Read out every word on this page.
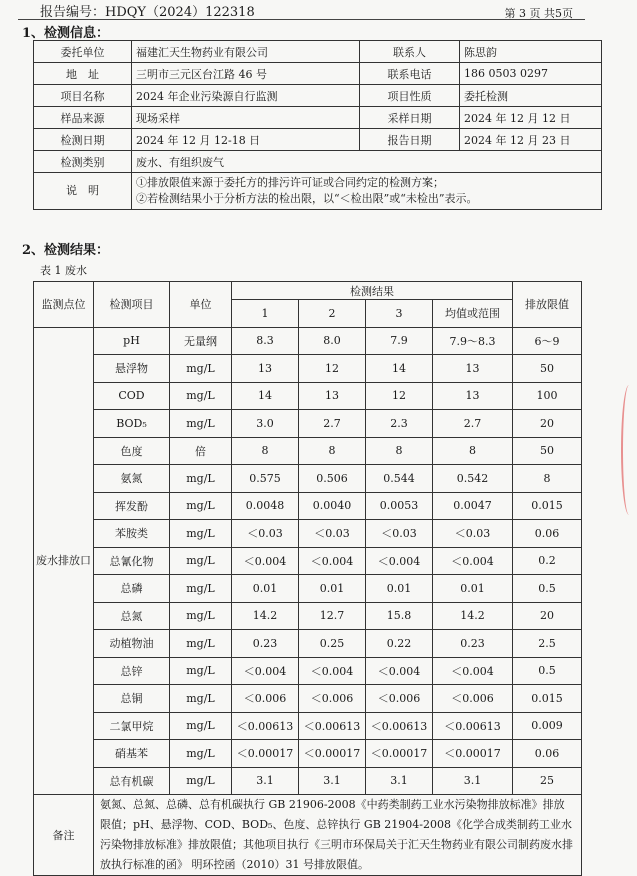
报告编号：HDQY（2024）122318	第 3 页 共5页
1、检测信息：
委托单位	福建汇天生物药业有限公司	联系人	陈思韵
地　址	三明市三元区台江路 46 号	联系电话	186 0503 0297
项目名称	2024 年企业污染源自行监测	项目性质	委托检测
样品来源	现场采样	采样日期	2024 年 12 月 12 日
检测日期	2024 年 12 月 12-18 日	报告日期	2024 年 12 月 23 日
检测类别	废水、有组织废气		
说　明	①排放限值来源于委托方的排污许可证或合同约定的检测方案；
②若检测结果小于分析方法的检出限，以“＜检出限”或“未检出”表示。		
2、检测结果：
表 1 废水
监测点位	检测项目	单位	检测结果				排放限值
			1	2	3	均值或范围	
废水排放口	pH	无量纲	8.3	8.0	7.9	7.9～8.3	6～9
	悬浮物	mg/L	13	12	14	13	50
	COD	mg/L	14	13	12	13	100
	BOD₅	mg/L	3.0	2.7	2.3	2.7	20
	色度	倍	8	8	8	8	50
	氨氮	mg/L	0.575	0.506	0.544	0.542	8
	挥发酚	mg/L	0.0048	0.0040	0.0053	0.0047	0.015
	苯胺类	mg/L	＜0.03	＜0.03	＜0.03	＜0.03	0.06
	总氰化物	mg/L	＜0.004	＜0.004	＜0.004	＜0.004	0.2
	总磷	mg/L	0.01	0.01	0.01	0.01	0.5
	总氮	mg/L	14.2	12.7	15.8	14.2	20
	动植物油	mg/L	0.23	0.25	0.22	0.23	2.5
	总锌	mg/L	＜0.004	＜0.004	＜0.004	＜0.004	0.5
	总铜	mg/L	＜0.006	＜0.006	＜0.006	＜0.006	0.015
	二氯甲烷	mg/L	＜0.00613	＜0.00613	＜0.00613	＜0.00613	0.009
	硝基苯	mg/L	＜0.00017	＜0.00017	＜0.00017	＜0.00017	0.06
	总有机碳	mg/L	3.1	3.1	3.1	3.1	25
备注	氨氮、总氮、总磷、总有机碳执行 GB 21906-2008《中药类制药工业水污染物排放标准》排放限值；pH、悬浮物、COD、BOD₅、色度、总锌执行 GB 21904-2008《化学合成类制药工业水污染物排放标准》排放限值；其他项目执行《三明市环保局关于汇天生物药业有限公司制药废水排放执行标准的函》 明环控函（2010）31 号排放限值。						
